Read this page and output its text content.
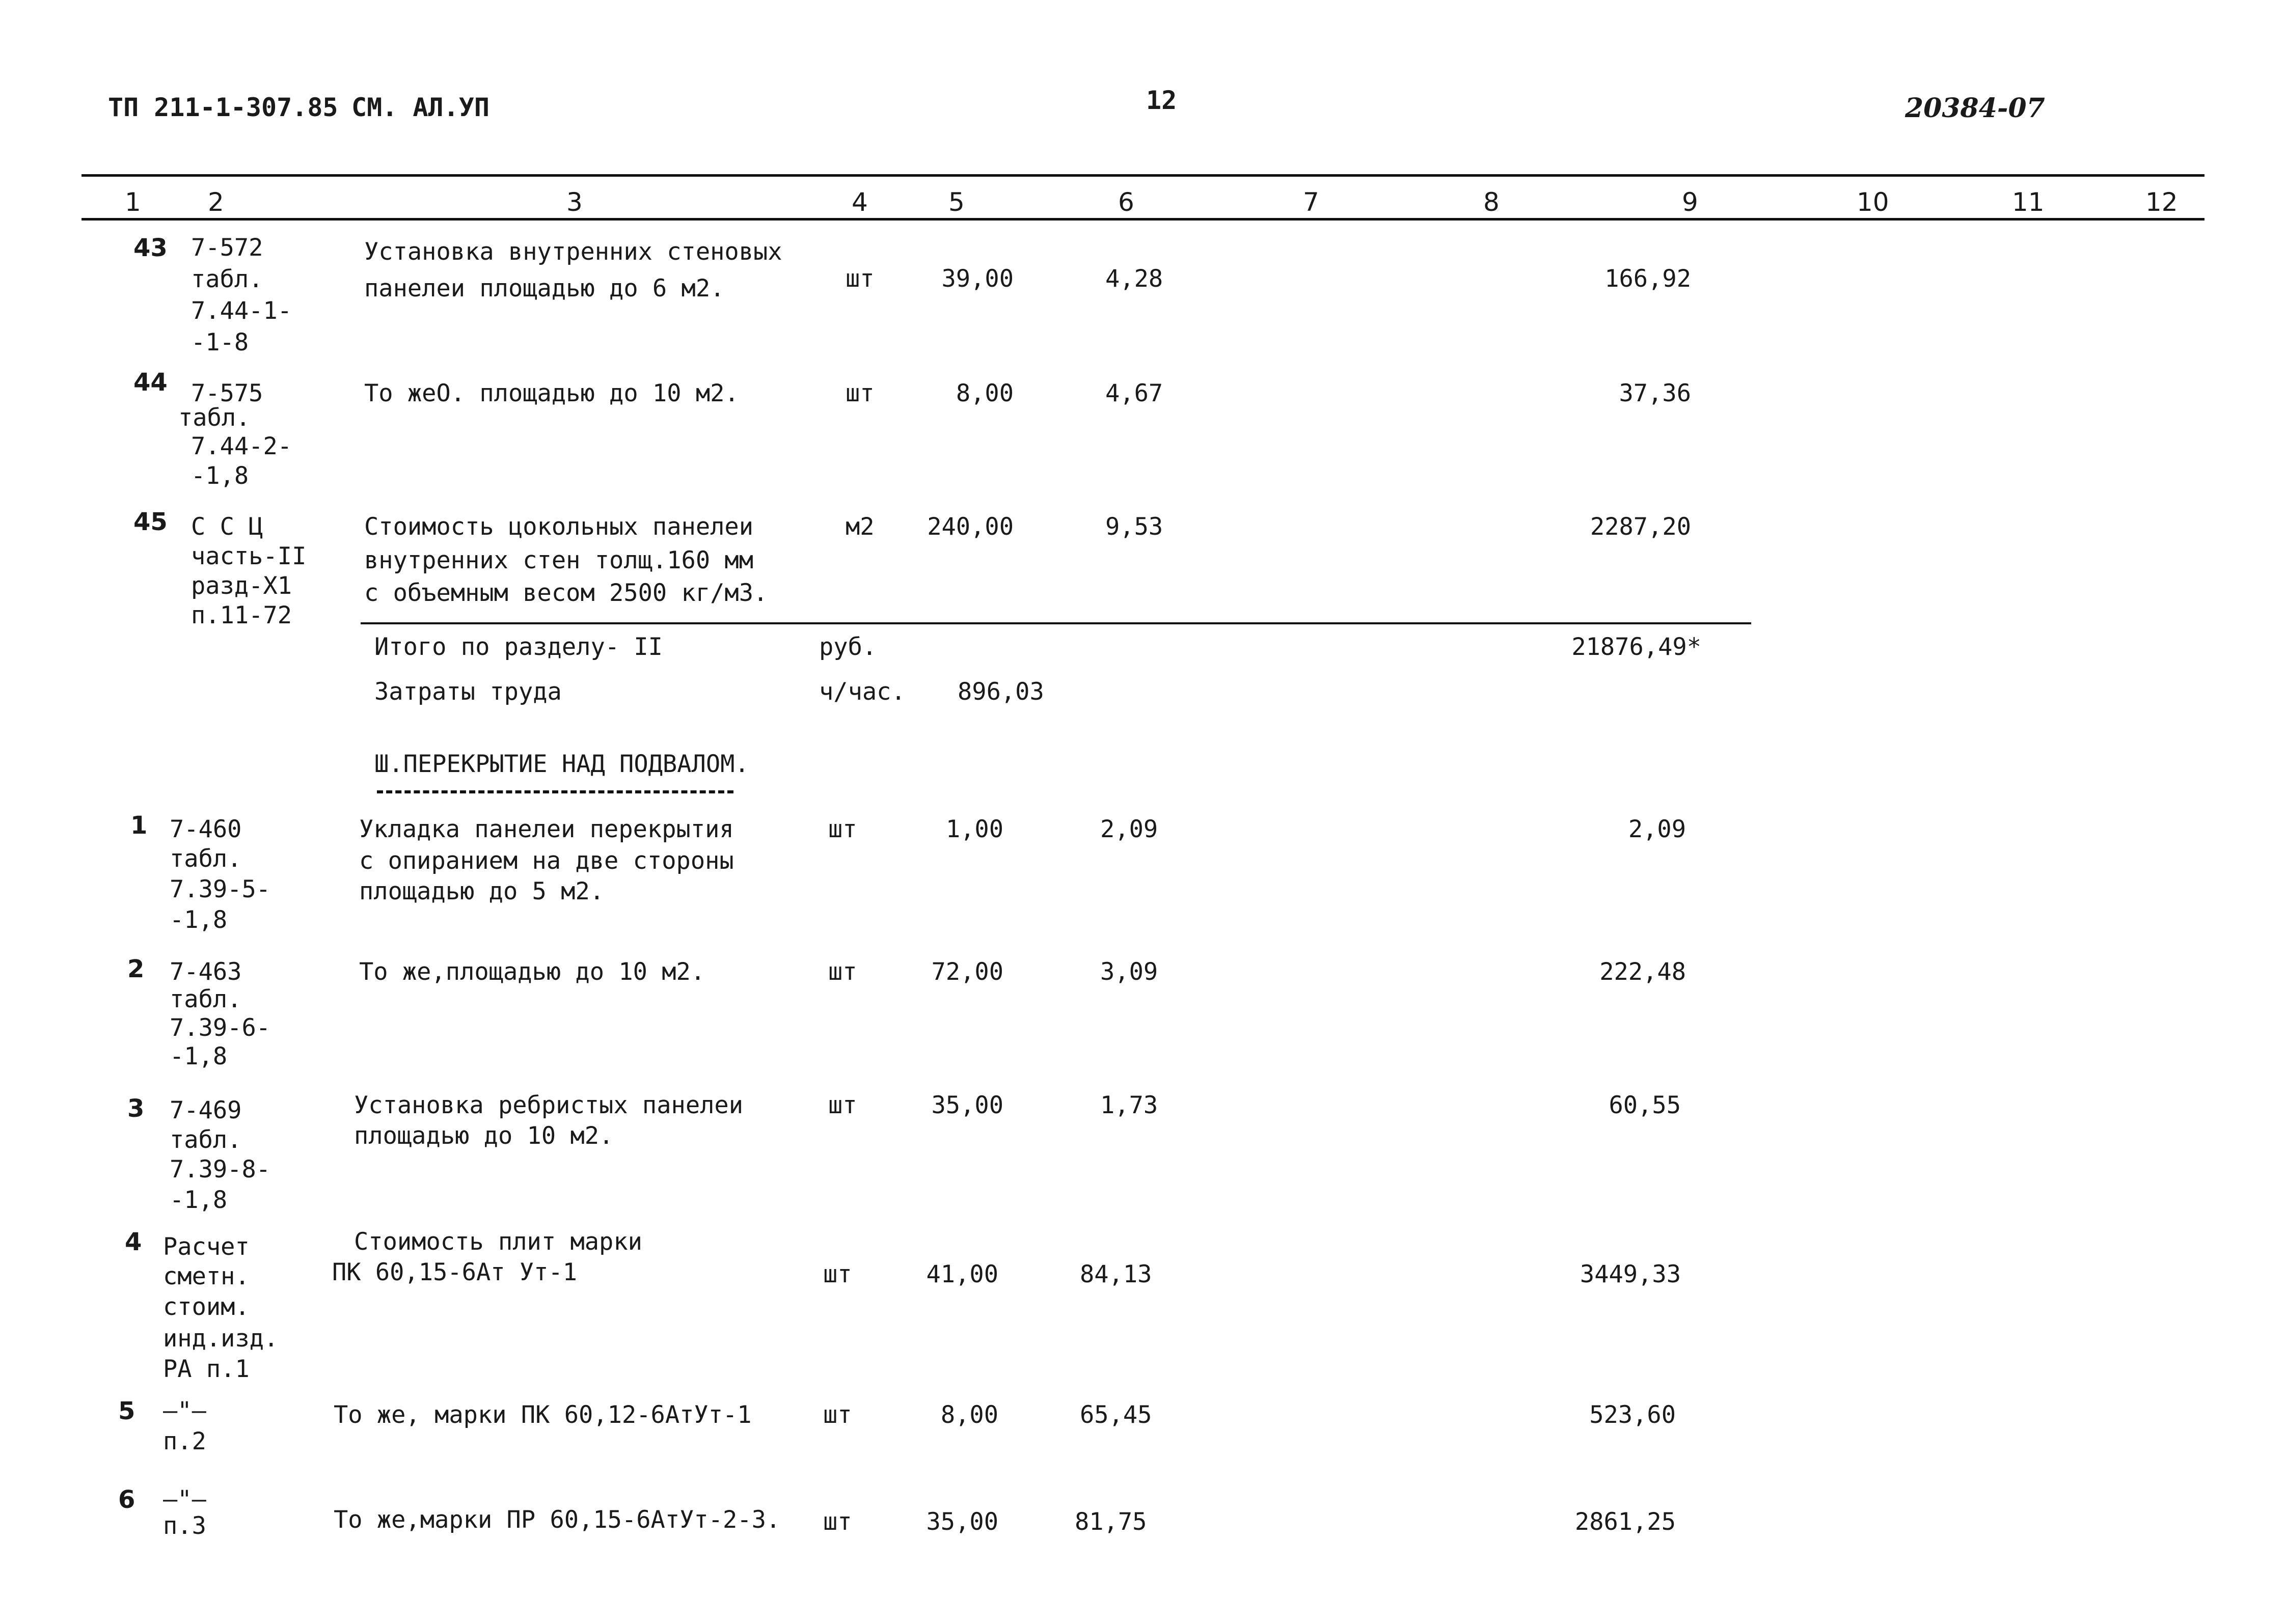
ТП 211-1-307.85 СМ. АЛ.УП	12	20384-07
1	2	3	4	5	6	7	8	9	10	11	12
43 7-572
табл.
7.44-1-
-1-8
Установка внутренних стеновых
панелеи площадью до 6 м2.	шт	39,00	4,28	166,92
44 7-575
табл.
7.44-2-
-1,8
То жеО. площадью до 10 м2.	шт	8,00	4,67	37,36
45 С С Ц
часть-II
разд-Х1
п.11-72
Стоимость цокольных панелеи
внутренних стен толщ.160 мм
с объемным весом 2500 кг/м3.
м2	240,00	9,53	2287,20
Итого по разделу- II	руб.	21876,49*
Затраты труда	ч/час. 896,03
Ш.ПЕРЕКРЫТИЕ НАД ПОДВАЛОМ.
1 7-460
табл.
7.39-5-
-1,8
Укладка панелеи перекрытия
с опиранием на две стороны
площадью до 5 м2.
шт	1,00	2,09	2,09
2 7-463
табл.
7.39-6-
-1,8
То же,площадью до 10 м2.	шт	72,00	3,09	222,48
3 7-469
табл.
7.39-8-
-1,8
Установка ребристых панелеи
площадью до 10 м2.
шт	35,00	1,73	60,55
4 Расчет
сметн.
стоим.
инд.изд.
РА п.1
Стоимость плит марки
ПК 60,15-6Ат Ут-1	шт	41,00	84,13	3449,33
5 —"—
п.2
То же, марки ПК 60,12-6АтУт-1	шт	8,00	65,45	523,60
6 —"—
п.3	То же,марки ПР 60,15-6АтУт-2-3. шт	35,00	81,75	2861,25
